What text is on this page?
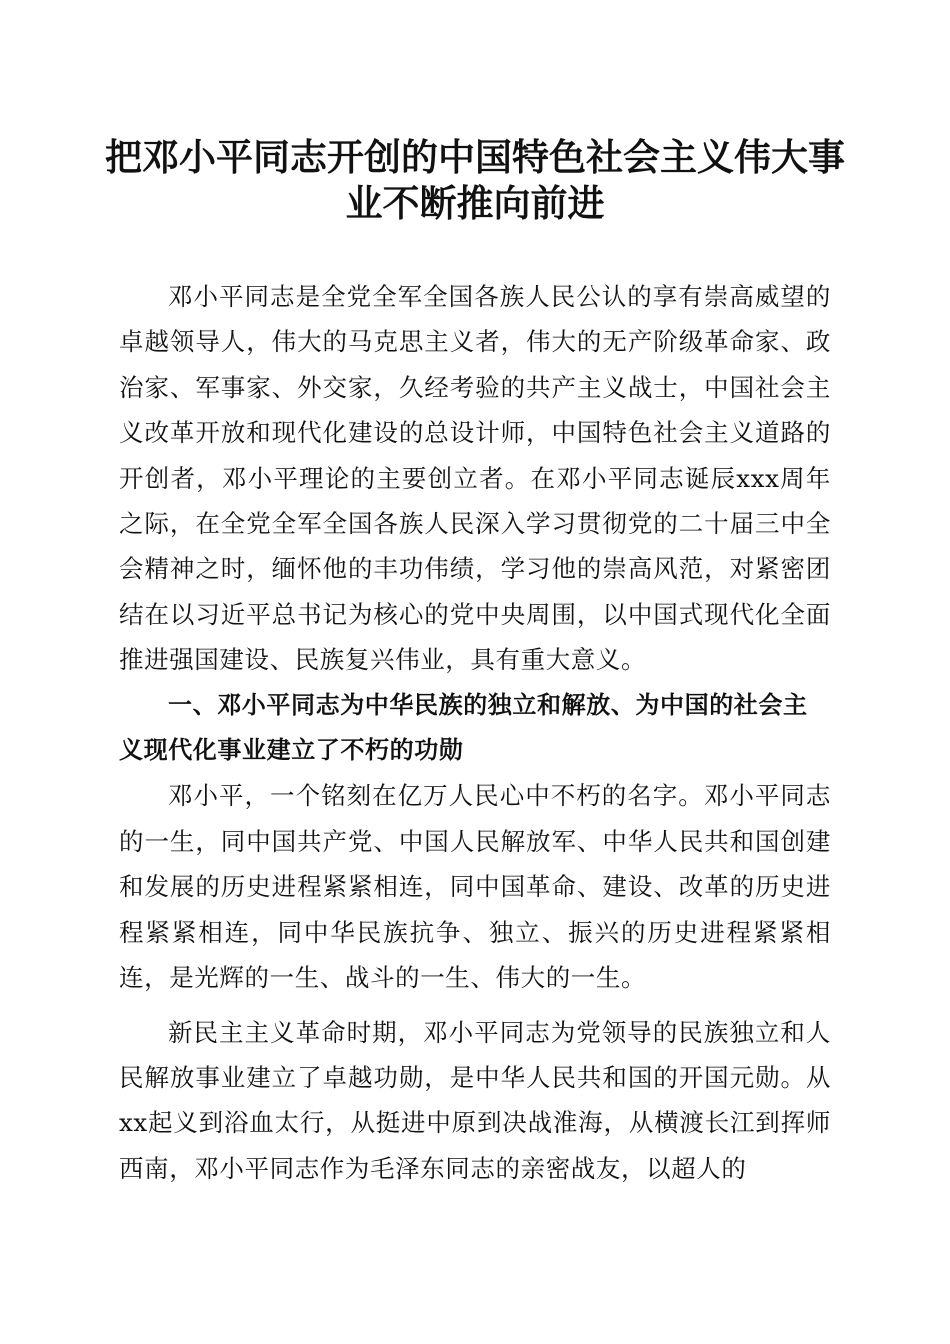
把邓小平同志开创的中国特色社会主义伟大事
业不断推向前进

邓小平同志是全党全军全国各族人民公认的享有崇高威望的卓越领导人，伟大的马克思主义者，伟大的无产阶级革命家、政治家、军事家、外交家，久经考验的共产主义战士，中国社会主义改革开放和现代化建设的总设计师，中国特色社会主义道路的开创者，邓小平理论的主要创立者。在邓小平同志诞辰xxx周年之际，在全党全军全国各族人民深入学习贯彻党的二十届三中全会精神之时，缅怀他的丰功伟绩，学习他的崇高风范，对紧密团结在以习近平总书记为核心的党中央周围，以中国式现代化全面推进强国建设、民族复兴伟业，具有重大意义。

一、邓小平同志为中华民族的独立和解放、为中国的社会主义现代化事业建立了不朽的功勋

邓小平，一个铭刻在亿万人民心中不朽的名字。邓小平同志的一生，同中国共产党、中国人民解放军、中华人民共和国创建和发展的历史进程紧紧相连，同中国革命、建设、改革的历史进程紧紧相连，同中华民族抗争、独立、振兴的历史进程紧紧相连，是光辉的一生、战斗的一生、伟大的一生。

新民主主义革命时期，邓小平同志为党领导的民族独立和人民解放事业建立了卓越功勋，是中华人民共和国的开国元勋。从xx起义到浴血太行，从挺进中原到决战淮海，从横渡长江到挥师西南，邓小平同志作为毛泽东同志的亲密战友，以超人的
